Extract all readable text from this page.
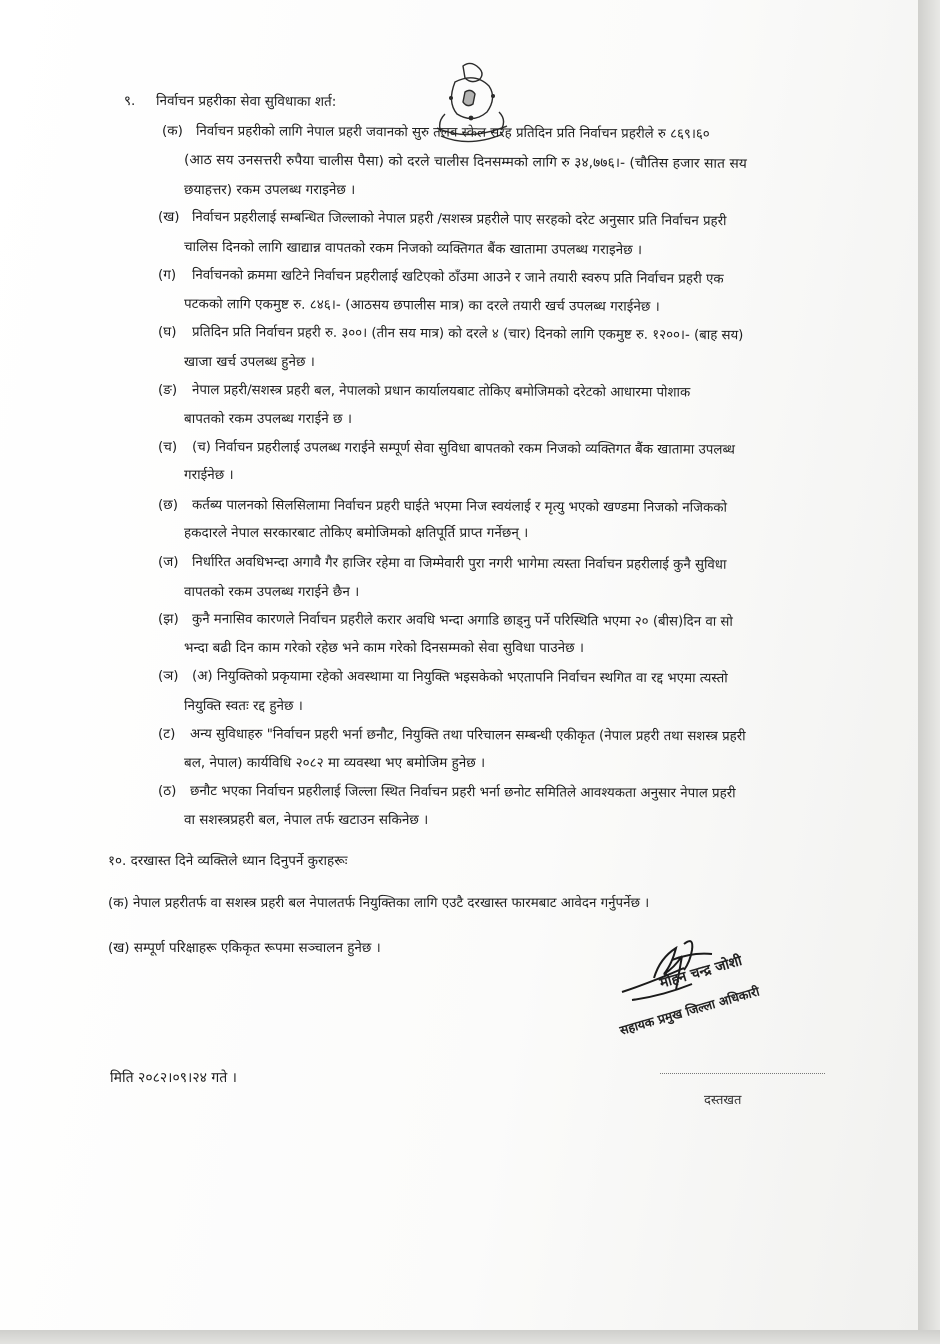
९. निर्वाचन प्रहरीका सेवा सुविधाका शर्त:
(क) निर्वाचन प्रहरीको लागि नेपाल प्रहरी जवानको सुरु तलब स्केल सरह प्रतिदिन प्रति निर्वाचन प्रहरीले रु ८६९।६०
(आठ सय उनसत्तरी रुपैया चालीस पैसा) को दरले चालीस दिनसम्मको लागि रु ३४,७७६।- (चौतिस हजार सात सय
छयाहत्तर) रकम उपलब्ध गराइनेछ ।
(ख) निर्वाचन प्रहरीलाई सम्बन्धित जिल्लाको नेपाल प्रहरी /सशस्त्र प्रहरीले पाए सरहको दरेट अनुसार प्रति निर्वाचन प्रहरी
चालिस दिनको लागि खाद्यान्न वापतको रकम निजको व्यक्तिगत बैंक खातामा उपलब्ध गराइनेछ ।
(ग) निर्वाचनको क्रममा खटिने निर्वाचन प्रहरीलाई खटिएको ठाँउमा आउने र जाने तयारी स्वरुप प्रति निर्वाचन प्रहरी एक
पटकको लागि एकमुष्ट रु. ८४६।- (आठसय छपालीस मात्र) का दरले तयारी खर्च उपलब्ध गराईनेछ ।
(घ) प्रतिदिन प्रति निर्वाचन प्रहरी रु. ३००। (तीन सय मात्र) को दरले ४ (चार) दिनको लागि एकमुष्ट रु. १२००।- (बाह सय)
खाजा खर्च उपलब्ध हुनेछ ।
(ङ) नेपाल प्रहरी/सशस्त्र प्रहरी बल, नेपालको प्रधान कार्यालयबाट तोकिए बमोजिमको दरेटको आधारमा पोशाक
बापतको रकम उपलब्ध गराईने छ ।
(च) (च) निर्वाचन प्रहरीलाई उपलब्ध गराईने सम्पूर्ण सेवा सुविधा बापतको रकम निजको व्यक्तिगत बैंक खातामा उपलब्ध
गराईनेछ ।
(छ) कर्तब्य पालनको सिलसिलामा निर्वाचन प्रहरी घाईते भएमा निज स्वयंलाई र मृत्यु भएको खण्डमा निजको नजिकको
हकदारले नेपाल सरकारबाट तोकिए बमोजिमको क्षतिपूर्ति प्राप्त गर्नेछन् ।
(ज) निर्धारित अवधिभन्दा अगावै गैर हाजिर रहेमा वा जिम्मेवारी पुरा नगरी भागेमा त्यस्ता निर्वाचन प्रहरीलाई कुनै सुविधा
वापतको रकम उपलब्ध गराईने छैन ।
(झ) कुनै मनासिव कारणले निर्वाचन प्रहरीले करार अवधि भन्दा अगाडि छाड्नु पर्ने परिस्थिति भएमा २० (बीस)दिन वा सो
भन्दा बढी दिन काम गरेको रहेछ भने काम गरेको दिनसम्मको सेवा सुविधा पाउनेछ ।
(ञ) (अ) नियुक्तिको प्रकृयामा रहेको अवस्थामा या नियुक्ति भइसकेको भएतापनि निर्वाचन स्थगित वा रद्द भएमा त्यस्तो
नियुक्ति स्वतः रद्द हुनेछ ।
(ट) अन्य सुविधाहरु "निर्वाचन प्रहरी भर्ना छनौट, नियुक्ति तथा परिचालन सम्बन्धी एकीकृत (नेपाल प्रहरी तथा सशस्त्र प्रहरी
बल, नेपाल) कार्यविधि २०८२ मा व्यवस्था भए बमोजिम हुनेछ ।
(ठ) छनौट भएका निर्वाचन प्रहरीलाई जिल्ला स्थित निर्वाचन प्रहरी भर्ना छनोट समितिले आवश्यकता अनुसार नेपाल प्रहरी
वा सशस्त्रप्रहरी बल, नेपाल तर्फ खटाउन सकिनेछ ।
१०. दरखास्त दिने व्यक्तिले ध्यान दिनुपर्ने कुराहरूः
(क) नेपाल प्रहरीतर्फ वा सशस्त्र प्रहरी बल नेपालतर्फ नियुक्तिका लागि एउटै दरखास्त फारमबाट आवेदन गर्नुपर्नेछ ।
(ख) सम्पूर्ण परिक्षाहरू एकिकृत रूपमा सञ्चालन हुनेछ ।
मोहन चन्द्र जोशी
सहायक प्रमुख जिल्ला अधिकारी
मिति २०८२।०९।२४ गते ।
दस्तखत
